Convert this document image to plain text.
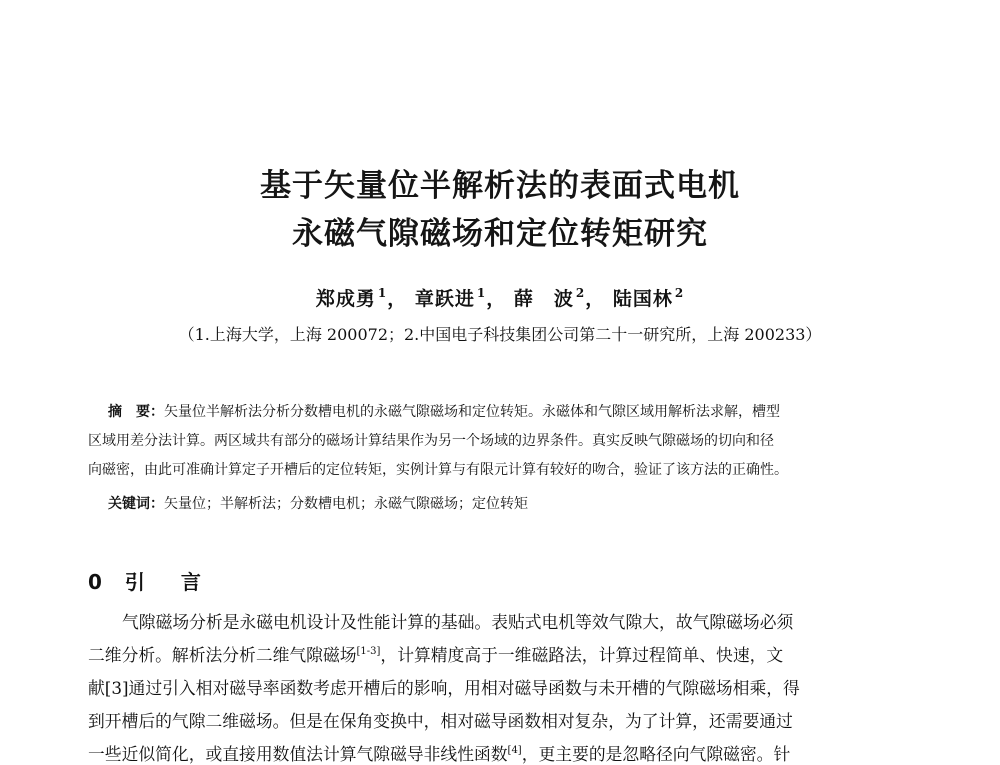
基于矢量位半解析法的表面式电机
永磁气隙磁场和定位转矩研究
郑成勇 $^1$， 章跃进 $^1$， 薛　波 $^2$， 陆国林 $^2$
（1.上海大学，上海 200072；2.中国电子科技集团公司第二十一研究所，上海 200233）
摘　要：矢量位半解析法分析分数槽电机的永磁气隙磁场和定位转矩。永磁体和气隙区域用解析法求解，槽型
区域用差分法计算。两区域共有部分的磁场计算结果作为另一个场域的边界条件。真实反映气隙磁场的切向和径
向磁密，由此可准确计算定子开槽后的定位转矩，实例计算与有限元计算有较好的吻合，验证了该方法的正确性。
关键词：矢量位；半解析法；分数槽电机；永磁气隙磁场；定位转矩
0 引　言
气隙磁场分析是永磁电机设计及性能计算的基础。表贴式电机等效气隙大，故气隙磁场必须
二维分析。解析法分析二维气隙磁场[1-3]，计算精度高于一维磁路法，计算过程简单、快速，文
献[3]通过引入相对磁导率函数考虑开槽后的影响，用相对磁导函数与未开槽的气隙磁场相乘，得
到开槽后的气隙二维磁场。但是在保角变换中，相对磁导函数相对复杂，为了计算，还需要通过
一些近似简化，或直接用数值法计算气隙磁导非线性函数[4]，更主要的是忽略径向气隙磁密。针
